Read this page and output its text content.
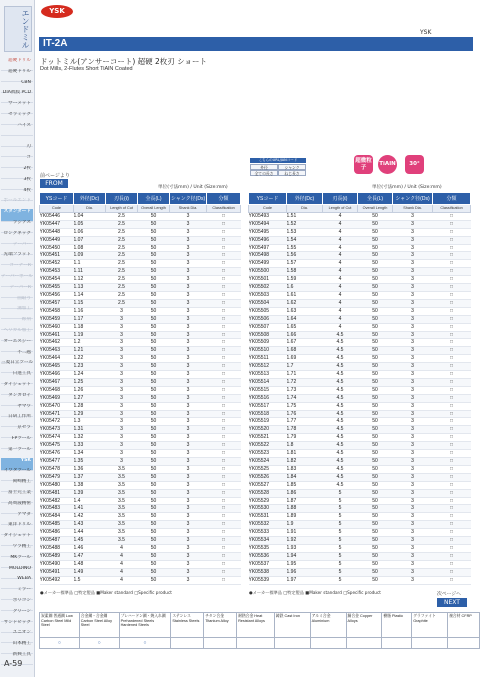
エンドミル
超硬ドリル
超硬ドリル
CBN
DIA被膜 PCD
サーメット
セラミック
ハイス
刃
コ
2枚
3枚
4枚
ボールエンド
スタンダード
ラジアス
ロングネック
テーパー
先端フラット
コーナーR
テーパーボール
テーパーR
面取り
溝加工
彫刻
ヘリカル加工
オーエスジー
不二越
三菱日立ツール
日進工具
ダイジェット
タンガロイ
ヤマワ
日研工作所
京セラ
FPツール
第一ツール
YSK
イワタツール
岡崎精工
富士元工業
高周波精密
アマダ
東洋ドリル
ダイジェット
ワラ精工
MKツール
MOLDINO
WEBA
ミラー
ポリゴン
グリーン
サンドビック
ユニオン
山本精工
新興工具
A-59
YSK
YSK
IT-2A
ドットミル(アンサーコート) 超硬 2枚刃 ショート
Dot Mills, 2-Flutes Short TiAlN Coated
こちらのURL/JANコード
外径	シャンク
全ての長さ	ねじ長さ
超微粒子
TiAlN	30°
前ページより
FROM
単位(寸法mm) / Unit (Size:mm)	単位(寸法mm) / Unit (Size:mm)
YSコード	外径(Dc)	刃長(ℓ)	全長(L)	シャンク径(Ds)	分類
Code	Dia.	Length of Cut	Overall Length	Shank Dia.	Classification
YK05446	1.04	2.5	50	3	□
YK05447	1.05	2.5	50	3	□
YK05448	1.06	2.5	50	3	□
YK05449	1.07	2.5	50	3	□
YK05450	1.08	2.5	50	3	□
YK05451	1.09	2.5	50	3	□
YK05452	1.1	2.5	50	3	□
YK05453	1.11	2.5	50	3	□
YK05454	1.12	2.5	50	3	□
YK05455	1.13	2.5	50	3	□
YK05456	1.14	2.5	50	3	□
YK05457	1.15	2.5	50	3	□
YK05458	1.16	3	50	3	□
YK05459	1.17	3	50	3	□
YK05460	1.18	3	50	3	□
YK05461	1.19	3	50	3	□
YK05462	1.2	3	50	3	□
YK05463	1.21	3	50	3	□
YK05464	1.22	3	50	3	□
YK05465	1.23	3	50	3	□
YK05466	1.24	3	50	3	□
YK05467	1.25	3	50	3	□
YK05468	1.26	3	50	3	□
YK05469	1.27	3	50	3	□
YK05470	1.28	3	50	3	□
YK05471	1.29	3	50	3	□
YK05472	1.3	3	50	3	□
YK05473	1.31	3	50	3	□
YK05474	1.32	3	50	3	□
YK05475	1.33	3	50	3	□
YK05476	1.34	3	50	3	□
YK05477	1.35	3	50	3	□
YK05478	1.36	3.5	50	3	□
YK05479	1.37	3.5	50	3	□
YK05480	1.38	3.5	50	3	□
YK05481	1.39	3.5	50	3	□
YK05482	1.4	3.5	50	3	□
YK05483	1.41	3.5	50	3	□
YK05484	1.42	3.5	50	3	□
YK05485	1.43	3.5	50	3	□
YK05486	1.44	3.5	50	3	□
YK05487	1.45	3.5	50	3	□
YK05488	1.46	4	50	3	□
YK05489	1.47	4	50	3	□
YK05490	1.48	4	50	3	□
YK05491	1.49	4	50	3	□
YK05492	1.5	4	50	3	□
YSコード	外径(Dc)	刃長(ℓ)	全長(L)	シャンク径(Ds)	分類
Code	Dia.	Length of Cut	Overall Length	Shank Dia.	Classification
YK05493	1.51	4	50	3	□
YK05494	1.52	4	50	3	□
YK05495	1.53	4	50	3	□
YK05496	1.54	4	50	3	□
YK05497	1.55	4	50	3	□
YK05498	1.56	4	50	3	□
YK05499	1.57	4	50	3	□
YK05500	1.58	4	50	3	□
YK05501	1.59	4	50	3	□
YK05502	1.6	4	50	3	□
YK05503	1.61	4	50	3	□
YK05504	1.62	4	50	3	□
YK05505	1.63	4	50	3	□
YK05506	1.64	4	50	3	□
YK05507	1.65	4	50	3	□
YK05508	1.66	4.5	50	3	□
YK05509	1.67	4.5	50	3	□
YK05510	1.68	4.5	50	3	□
YK05511	1.69	4.5	50	3	□
YK05512	1.7	4.5	50	3	□
YK05513	1.71	4.5	50	3	□
YK05514	1.72	4.5	50	3	□
YK05515	1.73	4.5	50	3	□
YK05516	1.74	4.5	50	3	□
YK05517	1.75	4.5	50	3	□
YK05518	1.76	4.5	50	3	□
YK05519	1.77	4.5	50	3	□
YK05520	1.78	4.5	50	3	□
YK05521	1.79	4.5	50	3	□
YK05522	1.8	4.5	50	3	□
YK05523	1.81	4.5	50	3	□
YK05524	1.82	4.5	50	3	□
YK05525	1.83	4.5	50	3	□
YK05526	1.84	4.5	50	3	□
YK05527	1.85	4.5	50	3	□
YK05528	1.86	5	50	3	□
YK05529	1.87	5	50	3	□
YK05530	1.88	5	50	3	□
YK05531	1.89	5	50	3	□
YK05532	1.9	5	50	3	□
YK05533	1.91	5	50	3	□
YK05534	1.92	5	50	3	□
YK05535	1.93	5	50	3	□
YK05536	1.94	5	50	3	□
YK05537	1.95	5	50	3	□
YK05538	1.96	5	50	3	□
YK05539	1.97	5	50	3	□
●メーカー標準品 □特定製品 ■Maker standard □Specific product	●メーカー標準品 □特定製品 ■Maker standard □Specific product	次ページへ
NEXT
炭素鋼 普通鋼 Low Carbon Steel Mild Steel	合金鋼・合金鋼 Carbon Steel Alloy Steel	プレハードン鋼・焼入れ鋼 Prehardened Steels Hardened Steels	ステンレス Stainless Steels	チタン合金 Titanium Alloy	耐熱合金 Heat Resistant Alloys	鋳鉄 Cast Iron	アルミ合金 Aluminium	銅合金 Copper Alloys	樹脂 Plastic	グラファイト Graphite	複合材 CFRP
○	○	○									
